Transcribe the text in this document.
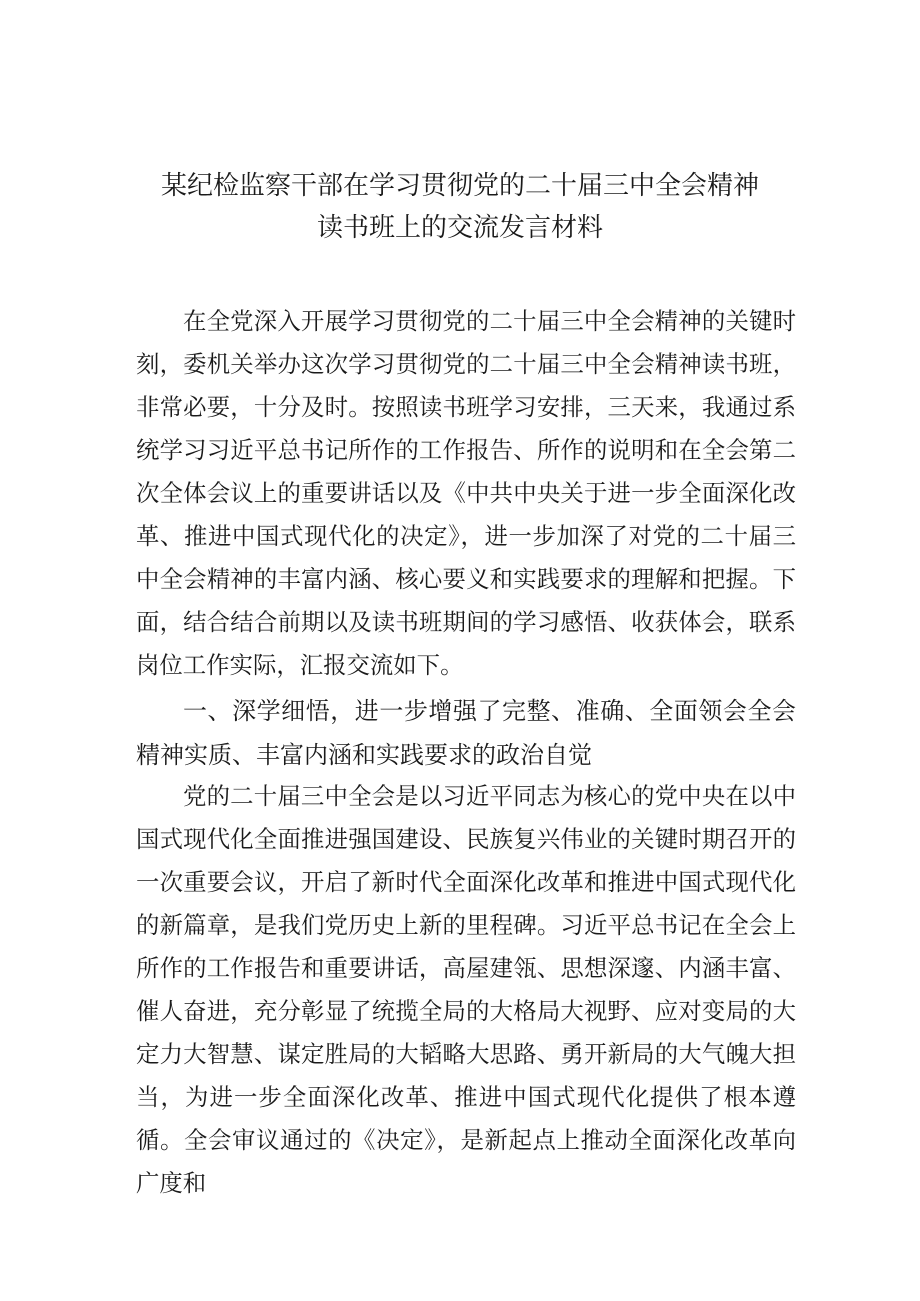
某纪检监察干部在学习贯彻党的二十届三中全会精神
读书班上的交流发言材料

在全党深入开展学习贯彻党的二十届三中全会精神的关键时刻，委机关举办这次学习贯彻党的二十届三中全会精神读书班，非常必要，十分及时。按照读书班学习安排，三天来，我通过系统学习习近平总书记所作的工作报告、所作的说明和在全会第二次全体会议上的重要讲话以及《中共中央关于进一步全面深化改革、推进中国式现代化的决定》，进一步加深了对党的二十届三中全会精神的丰富内涵、核心要义和实践要求的理解和把握。下面，结合结合前期以及读书班期间的学习感悟、收获体会，联系岗位工作实际，汇报交流如下。

一、深学细悟，进一步增强了完整、准确、全面领会全会精神实质、丰富内涵和实践要求的政治自觉

党的二十届三中全会是以习近平同志为核心的党中央在以中国式现代化全面推进强国建设、民族复兴伟业的关键时期召开的一次重要会议，开启了新时代全面深化改革和推进中国式现代化的新篇章，是我们党历史上新的里程碑。习近平总书记在全会上所作的工作报告和重要讲话，高屋建瓴、思想深邃、内涵丰富、催人奋进，充分彰显了统揽全局的大格局大视野、应对变局的大定力大智慧、谋定胜局的大韬略大思路、勇开新局的大气魄大担当，为进一步全面深化改革、推进中国式现代化提供了根本遵循。全会审议通过的《决定》，是新起点上推动全面深化改革向广度和
